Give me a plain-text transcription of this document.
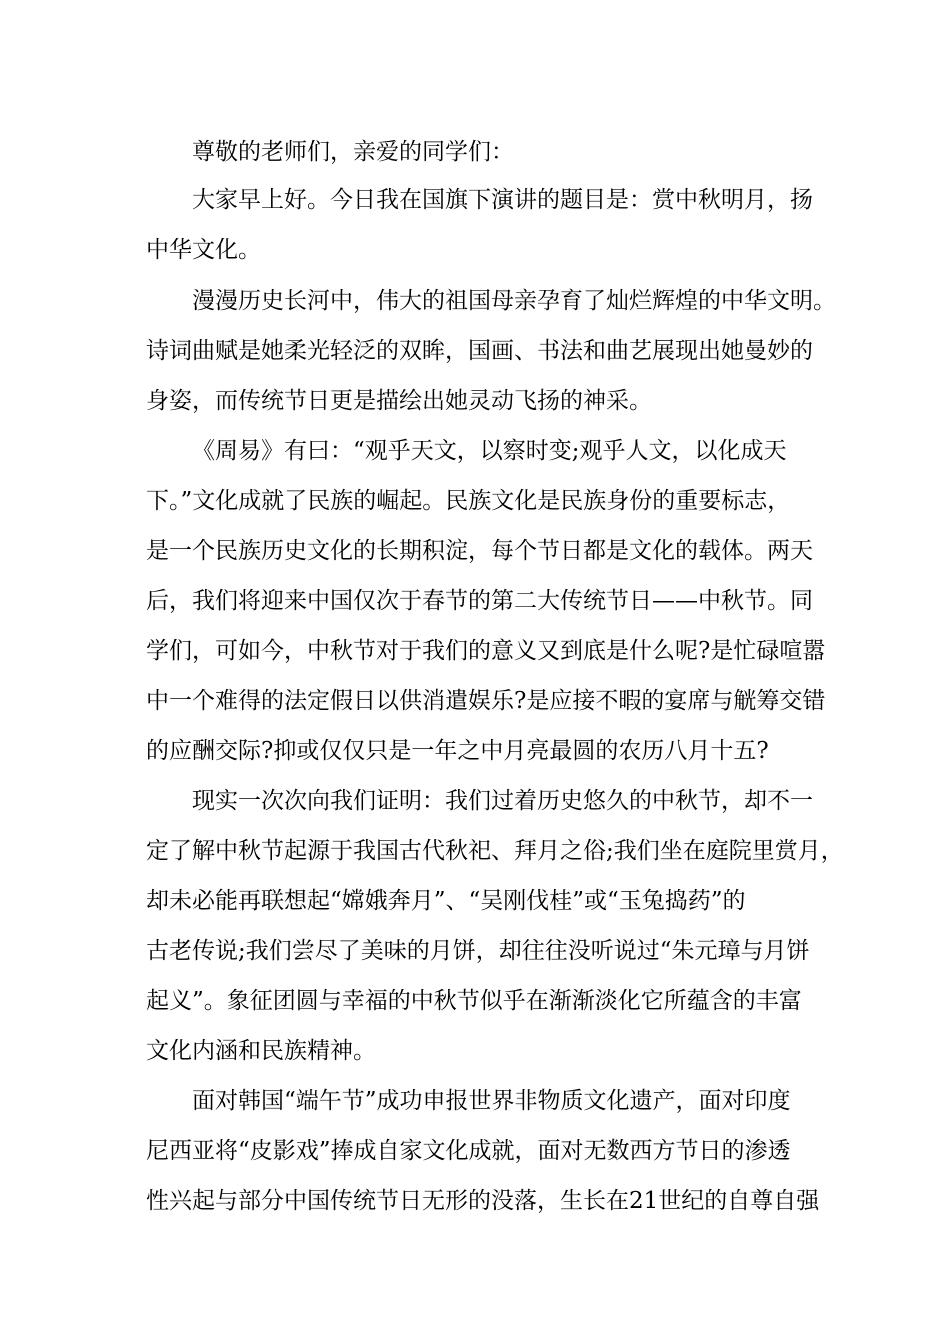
尊敬的老师们，亲爱的同学们：
大家早上好。今日我在国旗下演讲的题目是：赏中秋明月，扬
中华文化。
漫漫历史长河中，伟大的祖国母亲孕育了灿烂辉煌的中华文明。
诗词曲赋是她柔光轻泛的双眸，国画、书法和曲艺展现出她曼妙的
身姿，而传统节日更是描绘出她灵动飞扬的神采。
《周易》有曰：“观乎天文，以察时变;观乎人文，以化成天
下。”文化成就了民族的崛起。民族文化是民族身份的重要标志，
是一个民族历史文化的长期积淀，每个节日都是文化的载体。两天
后，我们将迎来中国仅次于春节的第二大传统节日——中秋节。同
学们，可如今，中秋节对于我们的意义又到底是什么呢?是忙碌喧嚣
中一个难得的法定假日以供消遣娱乐?是应接不暇的宴席与觥筹交错
的应酬交际?抑或仅仅只是一年之中月亮最圆的农历八月十五?
现实一次次向我们证明：我们过着历史悠久的中秋节，却不一
定了解中秋节起源于我国古代秋祀、拜月之俗;我们坐在庭院里赏月，
却未必能再联想起“嫦娥奔月”、“吴刚伐桂”或“玉兔捣药”的
古老传说;我们尝尽了美味的月饼，却往往没听说过“朱元璋与月饼
起义”。象征团圆与幸福的中秋节似乎在渐渐淡化它所蕴含的丰富
文化内涵和民族精神。
面对韩国“端午节”成功申报世界非物质文化遗产，面对印度
尼西亚将“皮影戏”捧成自家文化成就，面对无数西方节日的渗透
性兴起与部分中国传统节日无形的没落，生长在21世纪的自尊自强
